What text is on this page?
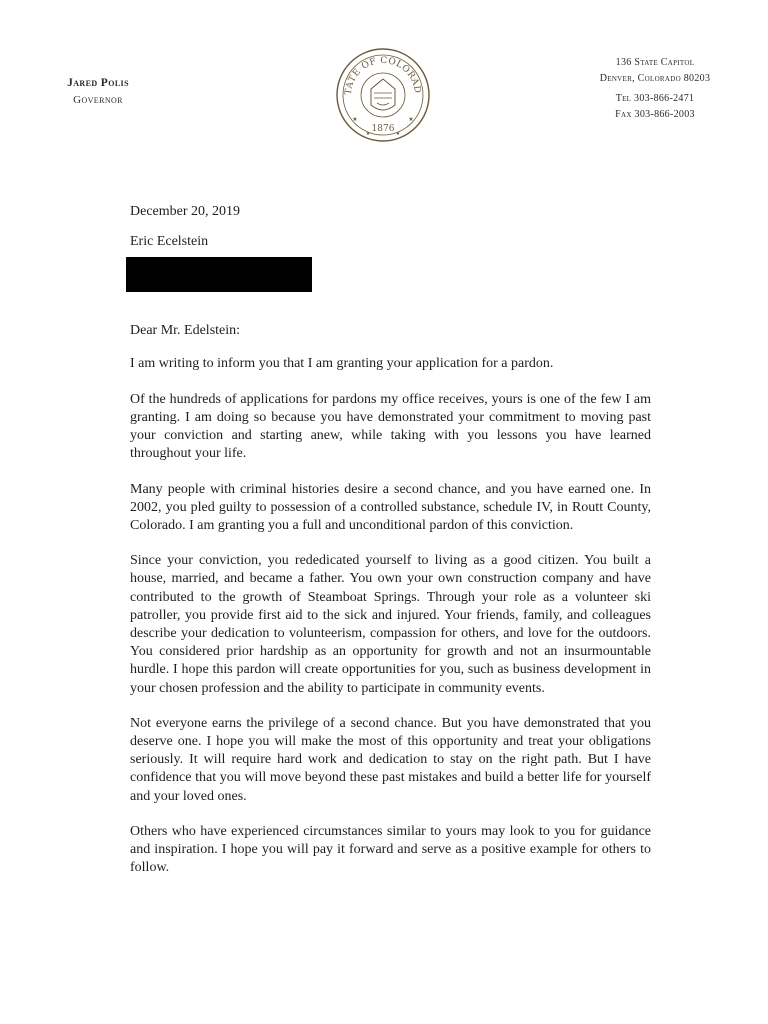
Jared Polis
Governor
TATE OF COLORAD
1876
★	★
★	★
136 State Capitol
Denver, Colorado 80203
Tel 303-866-2471
Fax 303-866-2003

December 20, 2019

Eric Ecelstein

Dear Mr. Edelstein:

I am writing to inform you that I am granting your application for a pardon.

Of the hundreds of applications for pardons my office receives, yours is one of the few I am granting. I am doing so because you have demonstrated your commitment to moving past your conviction and starting anew, while taking with you lessons you have learned throughout your life.

Many people with criminal histories desire a second chance, and you have earned one. In 2002, you pled guilty to possession of a controlled substance, schedule IV, in Routt County, Colorado. I am granting you a full and unconditional pardon of this conviction.

Since your conviction, you rededicated yourself to living as a good citizen. You built a house, married, and became a father. You own your own construction company and have contributed to the growth of Steamboat Springs. Through your role as a volunteer ski patroller, you provide first aid to the sick and injured. Your friends, family, and colleagues describe your dedication to volunteerism, compassion for others, and love for the outdoors. You considered prior hardship as an opportunity for growth and not an insurmountable hurdle. I hope this pardon will create opportunities for you, such as business development in your chosen profession and the ability to participate in community events.

Not everyone earns the privilege of a second chance. But you have demonstrated that you deserve one. I hope you will make the most of this opportunity and treat your obligations seriously. It will require hard work and dedication to stay on the right path. But I have confidence that you will move beyond these past mistakes and build a better life for yourself and your loved ones.

Others who have experienced circumstances similar to yours may look to you for guidance and inspiration. I hope you will pay it forward and serve as a positive example for others to follow.
